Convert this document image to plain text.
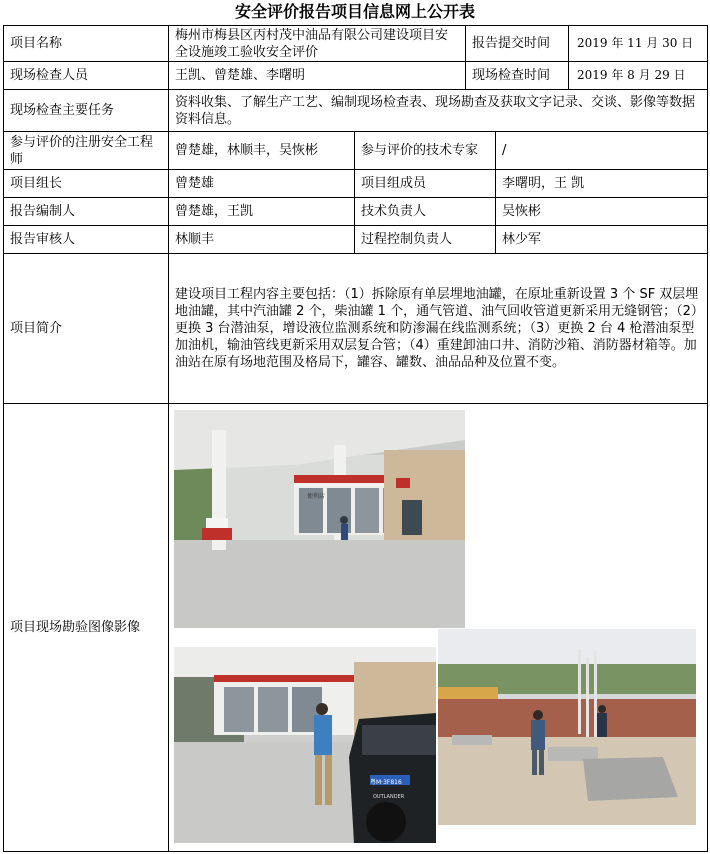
安全评价报告项目信息网上公开表
项目名称	梅州市梅县区丙村茂中油品有限公司建设项目安全设施竣工验收安全评价		报告提交时间 2019 年 11 月 30 日	

现场检查人员	王凯、曾楚雄、李曙明		现场检查时间 2019 年 8 月 29 日	

现场检查主要任务	资料收集、了解生产工艺、编制现场检查表、现场勘查及获取文字记录、交谈、影像等数据资料信息。			
参与评价的注册安全工程师	曾楚雄，林顺丰，吴恢彬	参与评价的技术专家		/
项目组长	曾楚雄	项目组成员		李曙明，王 凯
报告编制人	曾楚雄，王凯	技术负责人		吴恢彬
报告审核人	林顺丰	过程控制负责人		林少军
项目简介	建设项目工程内容主要包括：（1）拆除原有单层埋地油罐，在原址重新设置 3 个 SF 双层埋地油罐，其中汽油罐 2 个，柴油罐 1 个，通气管道、油气回收管道更新采用无缝钢管；（2）更换 3 台潜油泵，增设液位监测系统和防渗漏在线监测系统；（3）更换 2 台 4 枪潜油泵型加油机，输油管线更新采用双层复合管；（4）重建卸油口井、消防沙箱、消防器材箱等。加油站在原有场地范围及格局下，罐容、罐数、油品品种及位置不变。			
项目现场勘验图像影像	便利店
粤M·3F816
OUTLANDER			
